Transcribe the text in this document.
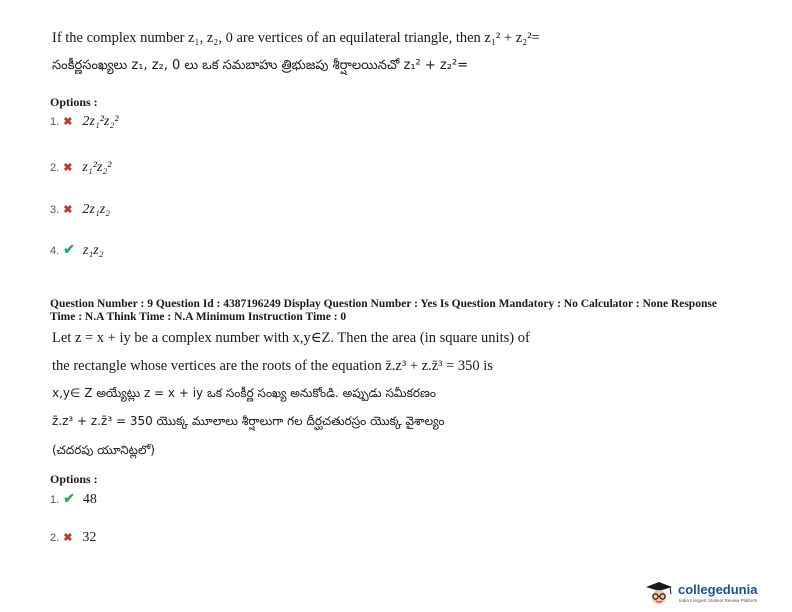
If the complex number z₁, z₂, 0 are vertices of an equilateral triangle, then z₁² + z₂²=
సంకీర్ణసంఖ్యలు z₁, z₂, 0 లు ఒక సమబాహు త్రిభుజపు శీర్షాలయినచో z₁² + z₂²=
Options :
1. ✖ 2z₁²z₂²
2. ✖ z₁²z₂²
3. ✖ 2z₁z₂
4. ✔ z₁z₂
Question Number : 9 Question Id : 4387196249 Display Question Number : Yes Is Question Mandatory : No Calculator : None Response
Time : N.A Think Time : N.A Minimum Instruction Time : 0
Let z = x + iy be a complex number with x,y∈Z. Then the area (in square units) of
the rectangle whose vertices are the roots of the equation z̄.z³ + z.z̄³ = 350 is
x,y∈ Z అయ్యేట్లు z = x + iy ఒక సంకీర్ణ సంఖ్య అనుకోండి. అప్పుడు సమీకరణం
z̄.z³ + z.z̄³ = 350 యొక్క మూలాలు శీర్షాలుగా గల దీర్ఘచతురస్రం యొక్క వైశాల్యం
(చదరపు యూనిట్లలో)
Options :
1. ✔ 48
2. ✖ 32
collegedunia
India's largest Student Review Platform
